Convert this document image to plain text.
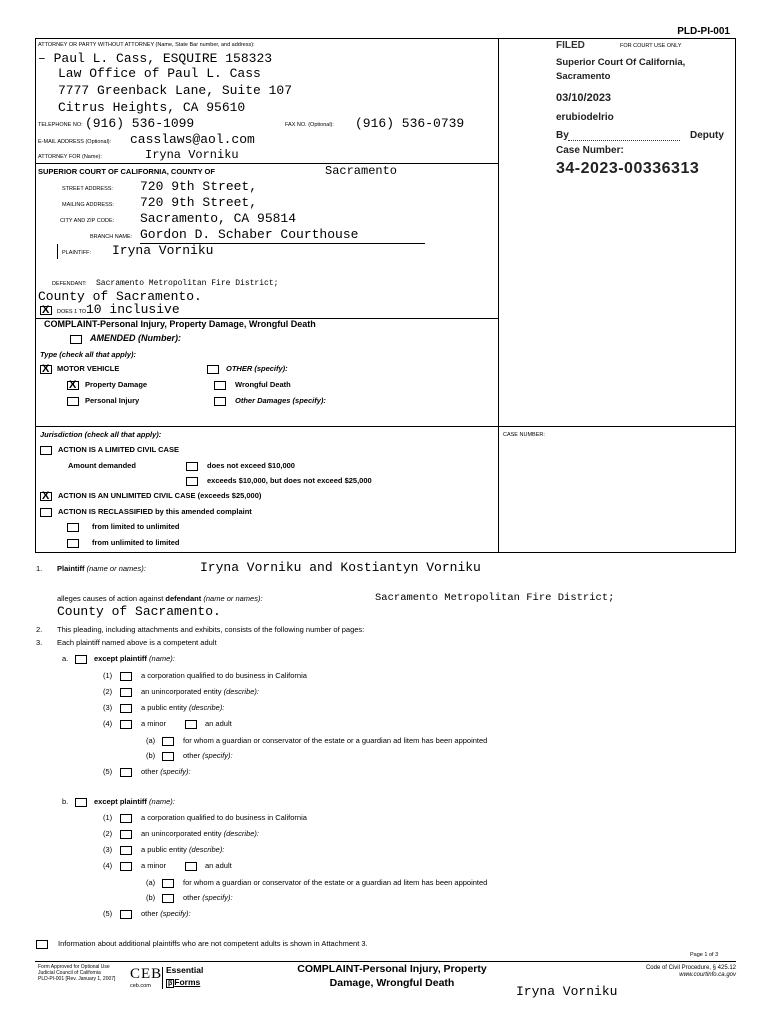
PLD-PI-001
ATTORNEY OR PARTY WITHOUT ATTORNEY (Name, State Bar number, and address):
– Paul L. Cass, ESQUIRE 158323
Law Office of Paul L. Cass
7777 Greenback Lane, Suite 107
Citrus Heights, CA 95610
TELEPHONE NO: (916) 536-1099	FAX NO. (Optional): (916) 536-0739
E-MAIL ADDRESS (Optional): casslaws@aol.com
ATTORNEY FOR (Name):	Iryna Vorniku
SUPERIOR COURT OF CALIFORNIA, COUNTY OF	Sacramento
STREET ADDRESS: 720 9th Street,
MAILING ADDRESS: 720 9th Street,
CITY AND ZIP CODE: Sacramento, CA 95814
BRANCH NAME: Gordon D. Schaber Courthouse
PLAINTIFF: Iryna Vorniku
DEFENDANT: Sacramento Metropolitan Fire District;
County of Sacramento.
X
DOES 1 TO 10 inclusive
COMPLAINT-Personal Injury, Property Damage, Wrongful Death
AMENDED (Number):
Type (check all that apply):
X
MOTOR VEHICLE	OTHER (specify):
X
Property Damage	Wrongful Death
Personal Injury	Other Damages (specify):
FOR COURT USE ONLY
FILED
Superior Court Of California,
Sacramento
03/10/2023
erubiodelrio
By	Deputy
Case Number:
34-2023-00336313
Jurisdiction (check all that apply):	CASE NUMBER:
ACTION IS A LIMITED CIVIL CASE
Amount demanded	does not exceed $10,000
exceeds $10,000, but does not exceed $25,000
X
ACTION IS AN UNLIMITED CIVIL CASE (exceeds $25,000)
ACTION IS RECLASSIFIED by this amended complaint
from limited to unlimited
from unlimited to limited
1. Plaintiff (name or names):	Iryna Vorniku and Kostiantyn Vorniku
alleges causes of action against defendant (name or names):	Sacramento Metropolitan Fire District;
County of Sacramento.
2. This pleading, including attachments and exhibits, consists of the following number of pages:
3. Each plaintiff named above is a competent adult
a.	except plaintiff (name):
(1)	a corporation qualified to do business in California
(2)	an unincorporated entity (describe):
(3)	a public entity (describe):
(4)	a minor	an adult
(a)	for whom a guardian or conservator of the estate or a guardian ad litem has been appointed
(b)	other (specify):
(5)	other (specify):
b.	except plaintiff (name):
(1)	a corporation qualified to do business in California
(2)	an unincorporated entity (describe):
(3)	a public entity (describe):
(4)	a minor	an adult
(a)	for whom a guardian or conservator of the estate or a guardian ad litem has been appointed
(b)	other (specify):
(5)	other (specify):
Information about additional plaintiffs who are not competent adults is shown in Attachment 3.
Page 1 of 3
Form Approved for Optional Use
Judicial Council of California
PLD-PI-001 [Rev. January 1, 2007] CEB
ceb.com
Essential
β Forms
COMPLAINT-Personal Injury, Property
Damage, Wrongful Death
Iryna Vorniku
Code of Civil Procedure, § 425.12
www.courtinfo.ca.gov
